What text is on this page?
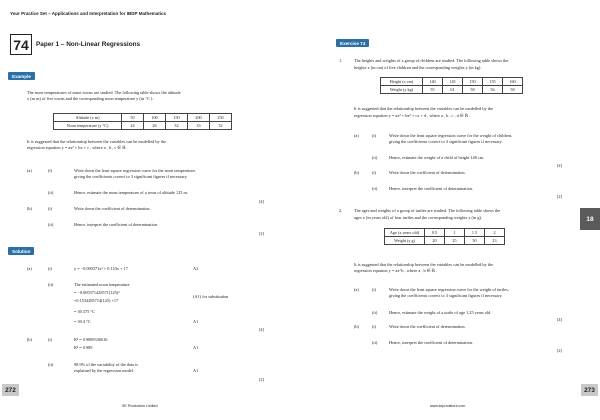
Your Practice Set – Applications and Interpretation for IBDP Mathematics
74 Paper 1 – Non-Linear Regressions
Example
The noon temperatures of some towns are studied. The following table shows the altitude
x (m m) of five towns and the corresponding noon temperature y (in °C ).
Altitude (x m)	50	100	150	200	250
Noon temperature (y °C)	24	26	32	33	32
It is suggested that the relationship between the variables can be modelled by the
regression equation y = ax² + bx + c , where a , b , c ∈ ℝ .
(a)	(i)	Write down the least square regression curve for the noon temperature,
giving the coefficients correct to 3 significant figures if necessary.
(ii)	Hence, estimate the noon temperature of a town of altitude 125 m.
[4]
(b)	(i)	Write down the coefficient of determination.
(ii)	Hence, interpret the coefficient of determination.
[2]
Solution
(a)	(i)	y = −0.000371x² + 0.153x + 17	A2
(ii)	The estimated noon temperature
= −0.000371428571(125)²
+0.1534285714(125) +17
(A1) for substitution
= 30.375 °C
= 30.4 °C	A1
[4]
(b)	(i)	R² = 0.9889336016
R² = 0.989	A1
(ii)	98.9% of the variability of the data is
explained by the regression model.	A1
[2]
272
SE Production Limited
Exercise 74
1.	The heights and weights of a group of children are studied. The following table shows the
heights x (in cm) of five children and the corresponding weights y (in kg).
Height (x cm)	140	145	150	155	160
Weight (y kg)	55	61	58	56	58
It is suggested that the relationship between the variables can be modelled by the
regression equation y = ax³ + bx² + cx + d , where a , b , c , d ∈ ℝ .
(a)	(i)	Write down the least square regression curve for the weight of children,
giving the coefficients correct to 3 significant figures if necessary.
(ii)	Hence, estimate the weight of a child of height 148 cm.
[4]
(b)	(i)	Write down the coefficient of determination.
(ii)	Hence, interpret the coefficient of determination.
[2]
2.	The ages and weights of a group of turtles are studied. The following table shows the
ages x (in years old) of four turtles and the corresponding weights y (in g).
Age (x years old)	0.5	1	1.5	2
Weight (y g)	20	25	30	23
It is suggested that the relationship between the variables can be modelled by the
regression equation y = ax^b , where a , b ∈ ℝ .
(a)	(i)	Write down the least square regression curve for the weight of turtles,
giving the coefficients correct to 3 significant figures if necessary.
(ii)	Hence, estimate the weight of a turtle of age 1.25 years old.
[4]
(b)	(i)	Write down the coefficient of determination.
(ii)	Hence, interpret the coefficient of determination.
[2]
18
273
www.seprodstore.com
